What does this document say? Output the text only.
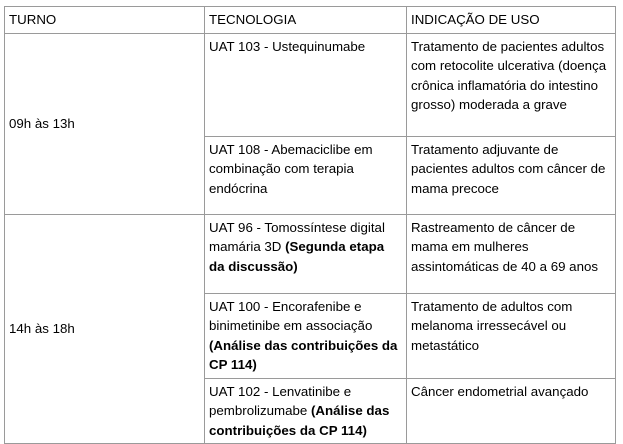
TURNO	TECNOLOGIA	INDICAÇÃO DE USO
09h às 13h	UAT 103 - Ustequinumabe	Tratamento de pacientes adultos com retocolite ulcerativa (doença crônica inflamatória do intestino grosso) moderada a grave
	UAT 108 - Abemaciclibe em combinação com terapia endócrina	Tratamento adjuvante de pacientes adultos com câncer de mama precoce
14h às 18h	UAT 96 - Tomossíntese digital mamária 3D (Segunda etapa da discussão)	Rastreamento de câncer de mama em mulheres assintomáticas de 40 a 69 anos
	UAT 100 - Encorafenibe e binimetinibe em associação (Análise das contribuições da CP 114)	Tratamento de adultos com melanoma irressecável ou metastático
	UAT 102 - Lenvatinibe e pembrolizumabe (Análise das contribuições da CP 114)	Câncer endometrial avançado
